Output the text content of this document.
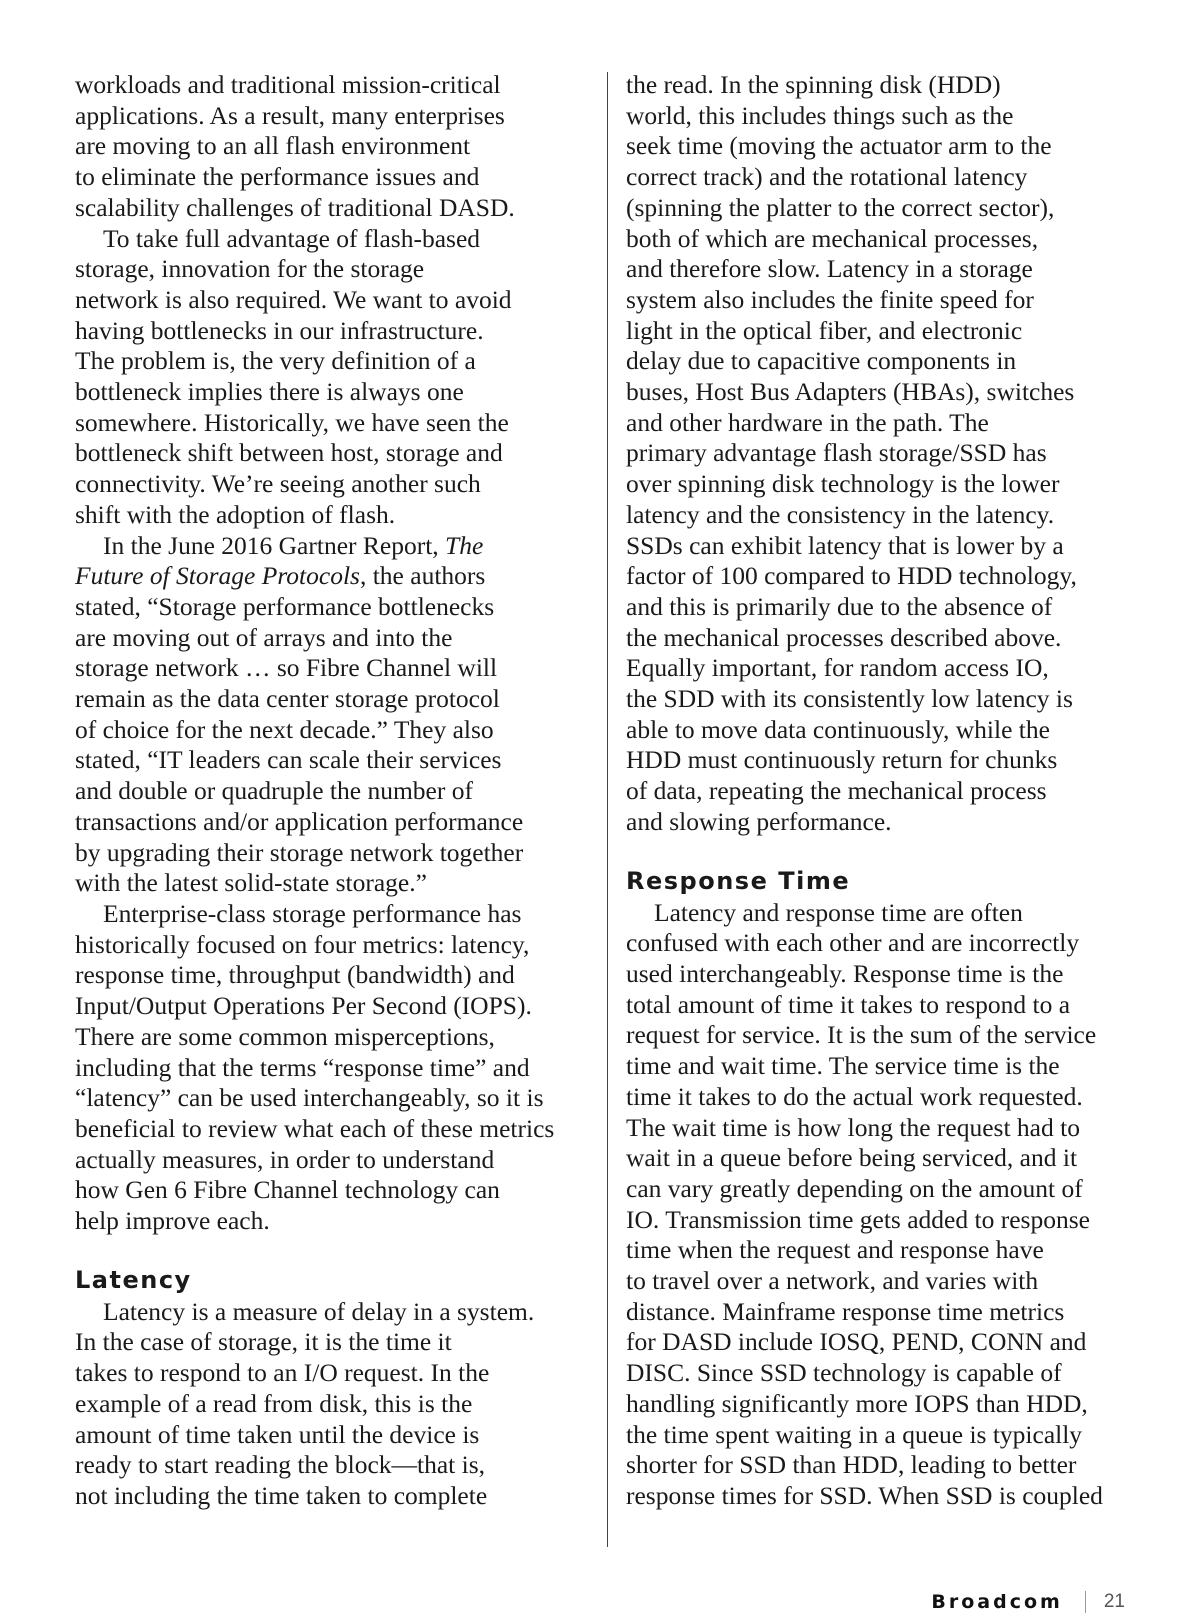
workloads and traditional mission-critical
applications. As a result, many enterprises
are moving to an all flash environment
to eliminate the performance issues and
scalability challenges of traditional DASD.

To take full advantage of flash-based
storage, innovation for the storage
network is also required. We want to avoid
having bottlenecks in our infrastructure.
The problem is, the very definition of a
bottleneck implies there is always one
somewhere. Historically, we have seen the
bottleneck shift between host, storage and
connectivity. We’re seeing another such
shift with the adoption of flash.

In the June 2016 Gartner Report, The
Future of Storage Protocols, the authors
stated, “Storage performance bottlenecks
are moving out of arrays and into the
storage network … so Fibre Channel will
remain as the data center storage protocol
of choice for the next decade.” They also
stated, “IT leaders can scale their services
and double or quadruple the number of
transactions and/or application performance
by upgrading their storage network together
with the latest solid-state storage.”

Enterprise-class storage performance has
historically focused on four metrics: latency,
response time, throughput (bandwidth) and
Input/Output Operations Per Second (IOPS).
There are some common misperceptions,
including that the terms “response time” and
“latency” can be used interchangeably, so it is
beneficial to review what each of these metrics
actually measures, in order to understand
how Gen 6 Fibre Channel technology can
help improve each.

Latency

Latency is a measure of delay in a system.
In the case of storage, it is the time it
takes to respond to an I/O request. In the
example of a read from disk, this is the
amount of time taken until the device is
ready to start reading the block—that is,
not including the time taken to complete

the read. In the spinning disk (HDD)
world, this includes things such as the
seek time (moving the actuator arm to the
correct track) and the rotational latency
(spinning the platter to the correct sector),
both of which are mechanical processes,
and therefore slow. Latency in a storage
system also includes the finite speed for
light in the optical fiber, and electronic
delay due to capacitive components in
buses, Host Bus Adapters (HBAs), switches
and other hardware in the path. The
primary advantage flash storage/SSD has
over spinning disk technology is the lower
latency and the consistency in the latency.
SSDs can exhibit latency that is lower by a
factor of 100 compared to HDD technology,
and this is primarily due to the absence of
the mechanical processes described above.
Equally important, for random access IO,
the SDD with its consistently low latency is
able to move data continuously, while the
HDD must continuously return for chunks
of data, repeating the mechanical process
and slowing performance.

Response Time

Latency and response time are often
confused with each other and are incorrectly
used interchangeably. Response time is the
total amount of time it takes to respond to a
request for service. It is the sum of the service
time and wait time. The service time is the
time it takes to do the actual work requested.
The wait time is how long the request had to
wait in a queue before being serviced, and it
can vary greatly depending on the amount of
IO. Transmission time gets added to response
time when the request and response have
to travel over a network, and varies with
distance. Mainframe response time metrics
for DASD include IOSQ, PEND, CONN and
DISC. Since SSD technology is capable of
handling significantly more IOPS than HDD,
the time spent waiting in a queue is typically
shorter for SSD than HDD, leading to better
response times for SSD. When SSD is coupled

Broadcom 21
